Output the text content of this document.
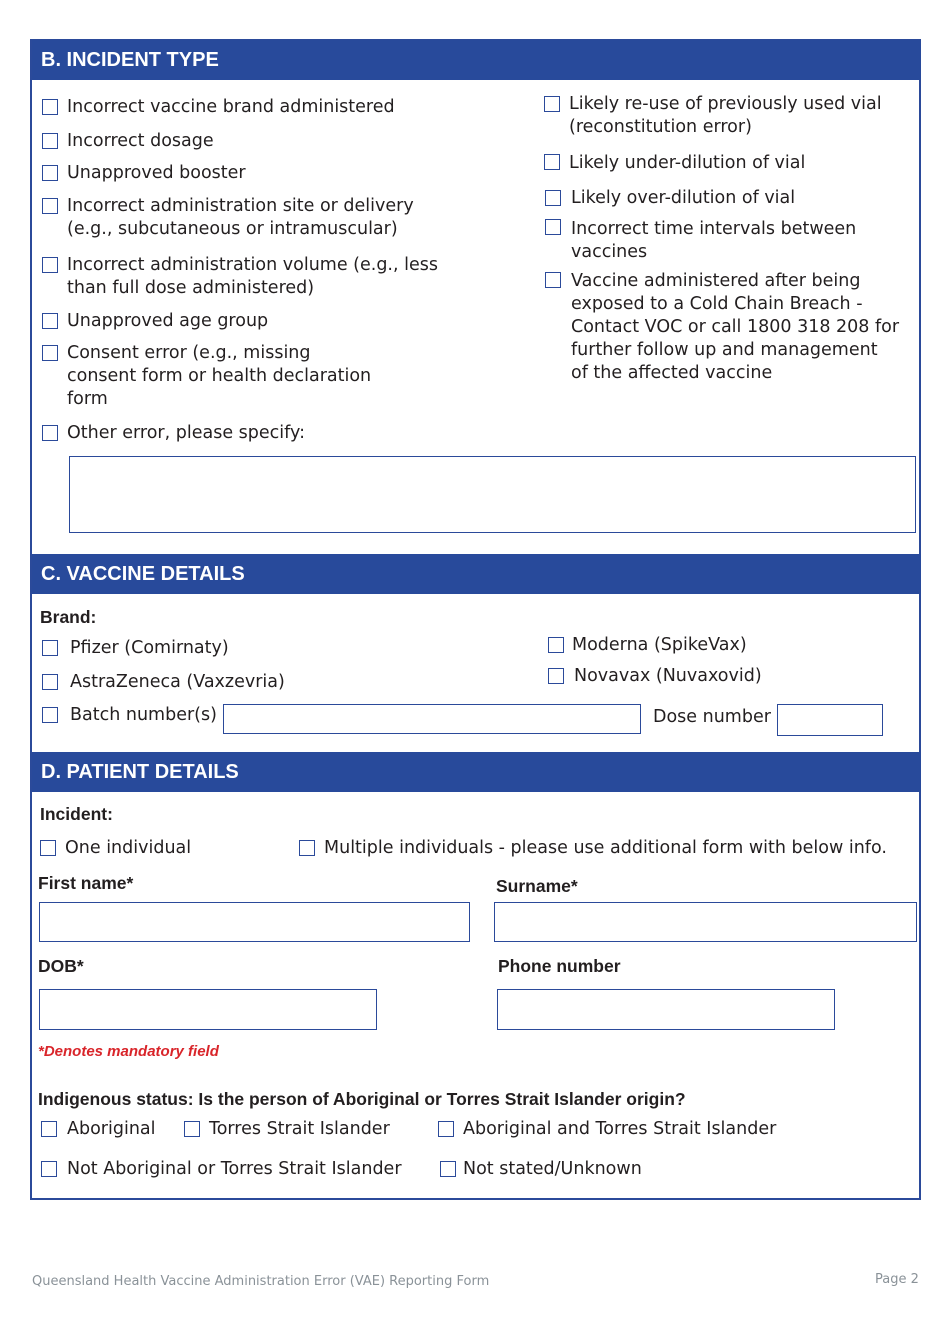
B. INCIDENT TYPE
Incorrect vaccine brand administered
Incorrect dosage
Unapproved booster
Incorrect administration site or delivery
(e.g., subcutaneous or intramuscular)
Incorrect administration volume (e.g., less
than full dose administered)
Unapproved age group
Consent error (e.g., missing
consent form or health declaration
form
Other error, please specify:
Likely re-use of previously used vial
(reconstitution error)
Likely under-dilution of vial
Likely over-dilution of vial
Incorrect time intervals between
vaccines
Vaccine administered after being
exposed to a Cold Chain Breach -
Contact VOC or call 1800 318 208 for
further follow up and management
of the affected vaccine
C. VACCINE DETAILS
Brand:
Pfizer (Comirnaty)
AstraZeneca (Vaxzevria)
Moderna (SpikeVax)
Novavax (Nuvaxovid)
Batch number(s)	Dose number
D. PATIENT DETAILS
Incident:
One individual	Multiple individuals - please use additional form with below info.
First name*	Surname*
DOB*	Phone number
*Denotes mandatory field
Indigenous status: Is the person of Aboriginal or Torres Strait Islander origin?
Aboriginal	Torres Strait Islander	Aboriginal and Torres Strait Islander
Not Aboriginal or Torres Strait Islander	Not stated/Unknown
Queensland Health Vaccine Administration Error (VAE) Reporting Form	Page 2
